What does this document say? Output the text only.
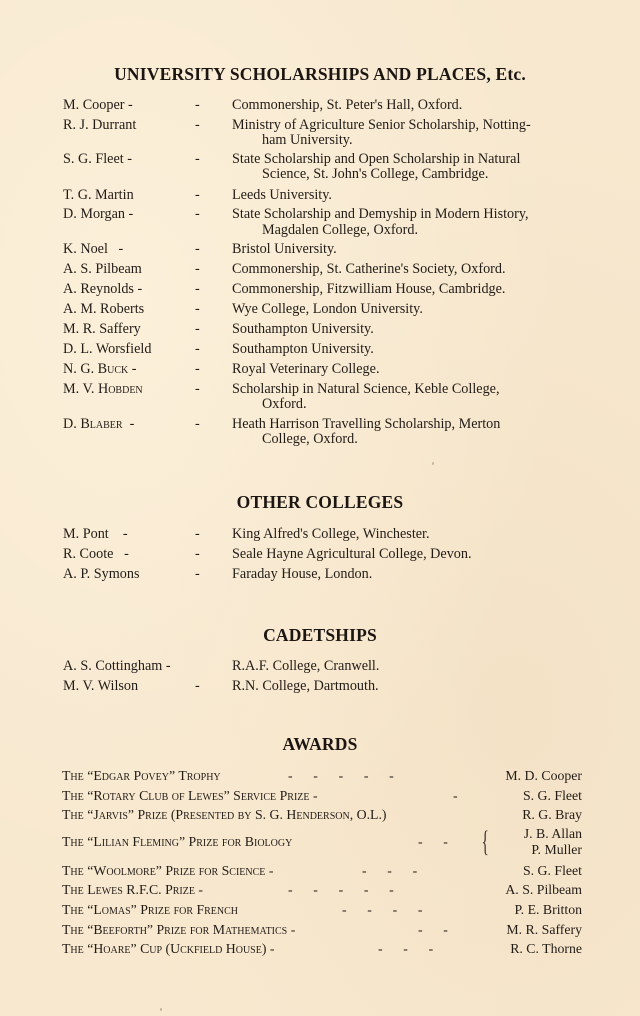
UNIVERSITY SCHOLARSHIPS AND PLACES, Etc.
M. Cooper -	- Commonership, St. Peter's Hall, Oxford.
R. J. Durrant	- Ministry of Agriculture Senior Scholarship, Notting-
ham University.
S. G. Fleet -	- State Scholarship and Open Scholarship in Natural
Science, St. John's College, Cambridge.
T. G. Martin	- Leeds University.
D. Morgan -	- State Scholarship and Demyship in Modern History,
Magdalen College, Oxford.
K. Noel   -	- Bristol University.
A. S. Pilbeam	- Commonership, St. Catherine's Society, Oxford.
A. Reynolds -	- Commonership, Fitzwilliam House, Cambridge.
A. M. Roberts	- Wye College, London University.
M. R. Saffery	- Southampton University.
D. L. Worsfield	- Southampton University.
N. G. Buck -	- Royal Veterinary College.
M. V. Hobden	- Scholarship in Natural Science, Keble College,
Oxford.
D. Blaber  -	- Heath Harrison Travelling Scholarship, Merton
College, Oxford.
OTHER COLLEGES
M. Pont    -	- King Alfred's College, Winchester.
R. Coote   -	- Seale Hayne Agricultural College, Devon.
A. P. Symons	- Faraday House, London.
CADETSHIPS
A. S. Cottingham -	R.A.F. College, Cranwell.
M. V. Wilson	- R.N. College, Dartmouth.
AWARDS
The “Edgar Povey” Trophy	-      -      -      -      -	M. D. Cooper
The “Rotary Club of Lewes” Service Prize -	-	S. G. Fleet
The “Jarvis” Prize (Presented by S. G. Henderson, O.L.)	R. G. Bray
The “Lilian Fleming” Prize for Biology	-      - {	J. B. Allan
P. Muller
The “Woolmore” Prize for Science -	-      -      -	S. G. Fleet
The Lewes R.F.C. Prize -	-      -      -      -      -	A. S. Pilbeam
The “Lomas” Prize for French	-      -      -      -	P. E. Britton
The “Beeforth” Prize for Mathematics -	-      -	M. R. Saffery
The “Hoare” Cup (Uckfield House) -	-      -      -	R. C. Thorne
